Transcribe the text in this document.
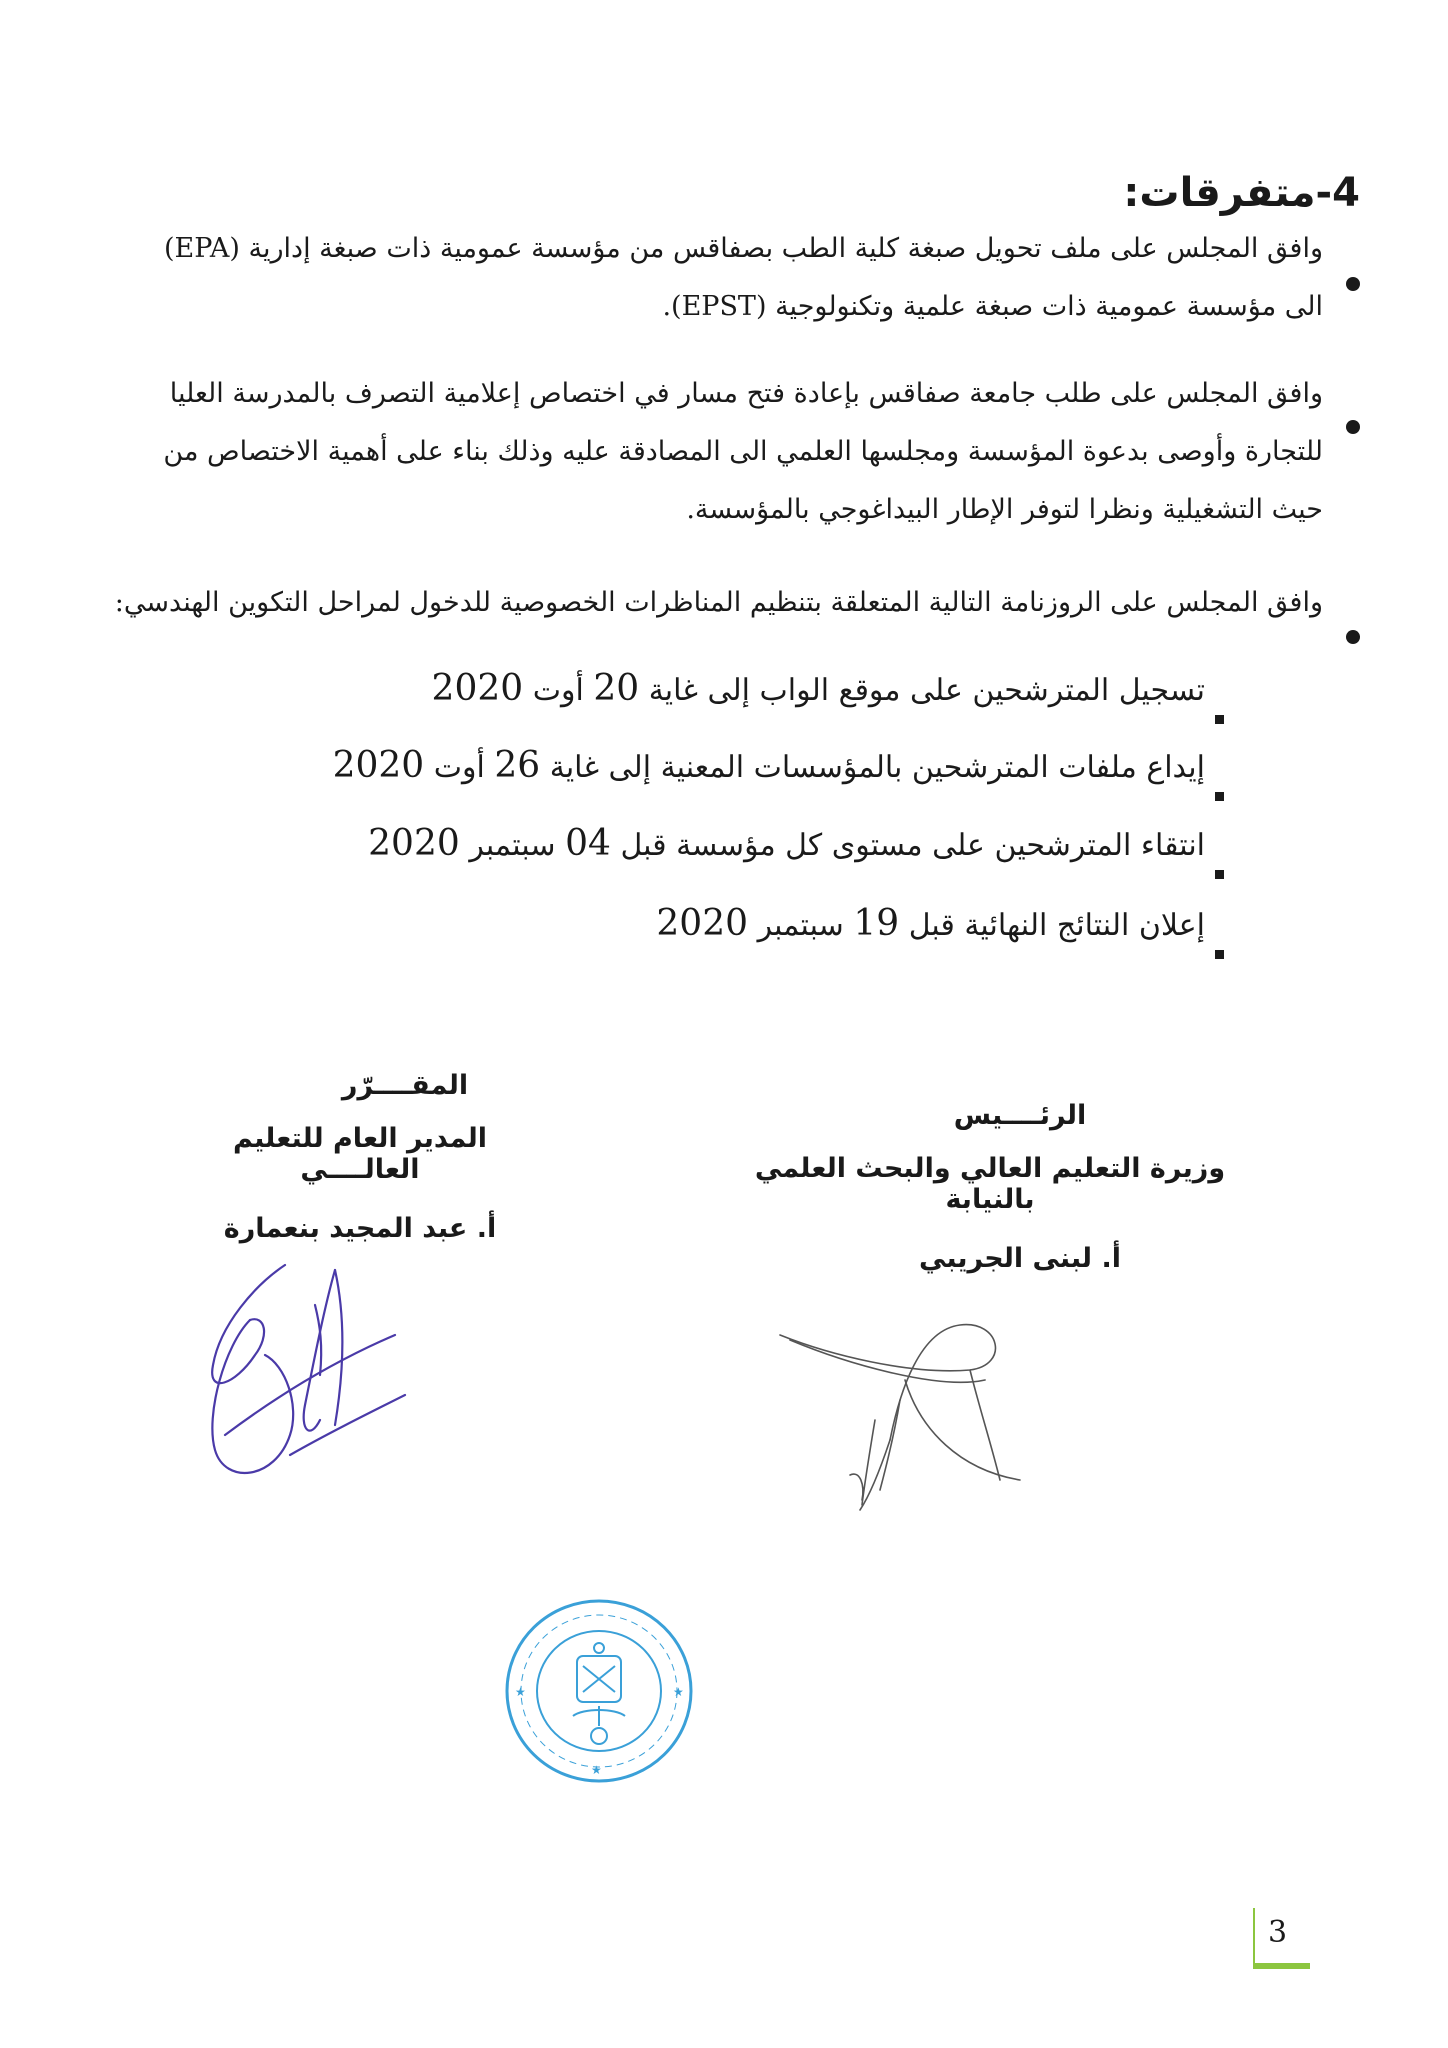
4-متفرقات:
وافق المجلس على ملف تحويل صبغة كلية الطب بصفاقس من مؤسسة عمومية ذات صبغة إدارية (EPA)
الى مؤسسة عمومية ذات صبغة علمية وتكنولوجية (EPST).
وافق المجلس على طلب جامعة صفاقس بإعادة فتح مسار في اختصاص إعلامية التصرف بالمدرسة العليا
للتجارة وأوصى بدعوة المؤسسة ومجلسها العلمي الى المصادقة عليه وذلك بناء على أهمية الاختصاص من
حيث التشغيلية ونظرا لتوفر الإطار البيداغوجي بالمؤسسة.
وافق المجلس على الروزنامة التالية المتعلقة بتنظيم المناظرات الخصوصية للدخول لمراحل التكوين الهندسي:
تسجيل المترشحين على موقع الواب إلى غاية 20 أوت 2020
إيداع ملفات المترشحين بالمؤسسات المعنية إلى غاية 26 أوت 2020
انتقاء المترشحين على مستوى كل مؤسسة قبل 04 سبتمبر 2020
إعلان النتائج النهائية قبل 19 سبتمبر 2020
المقــــرّر
المدير العام للتعليم العالــــي
أ. عبد المجيد بنعمارة
الرئــــيس
وزيرة التعليم العالي والبحث العلمي بالنيابة
أ. لبنى الجريبي
★
★	★
3
